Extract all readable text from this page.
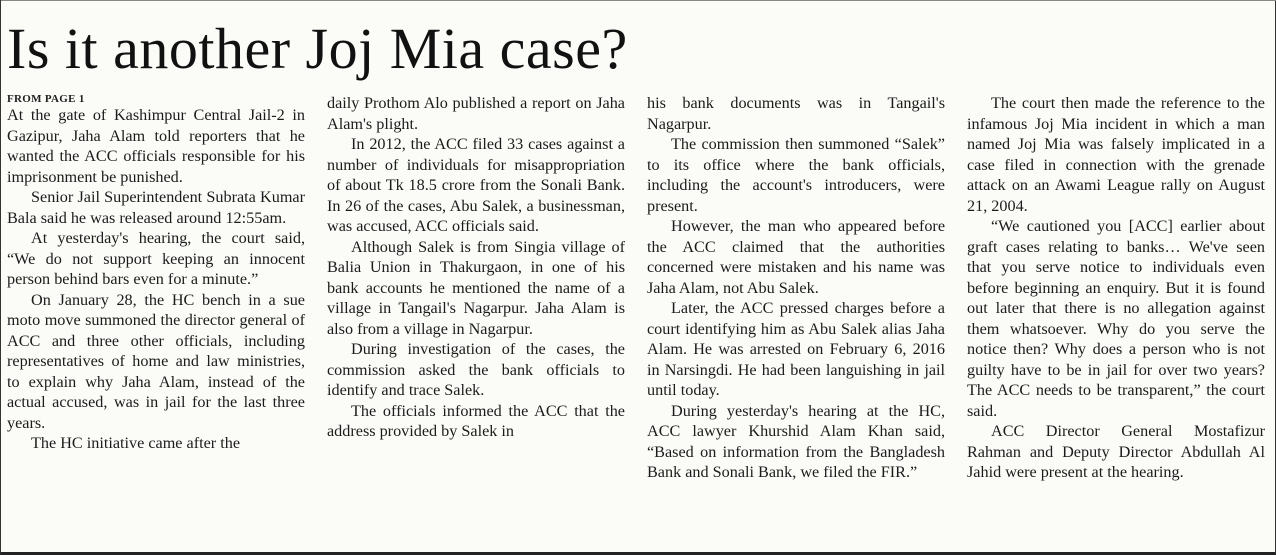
Is it another Joj Mia case?
FROM PAGE 1

At the gate of Kashimpur Central Jail-2 in Gazipur, Jaha Alam told reporters that he wanted the ACC officials responsible for his imprisonment be punished.

Senior Jail Superintendent Subrata Kumar Bala said he was released around 12:55am.

At yesterday's hearing, the court said, “We do not support keeping an innocent person behind bars even for a minute.”

On January 28, the HC bench in a sue moto move summoned the director general of ACC and three other officials, including representatives of home and law ministries, to explain why Jaha Alam, instead of the actual accused, was in jail for the last three years.

The HC initiative came after the

daily Prothom Alo published a report on Jaha Alam's plight.

In 2012, the ACC filed 33 cases against a number of individuals for misappropriation of about Tk 18.5 crore from the Sonali Bank. In 26 of the cases, Abu Salek, a businessman, was accused, ACC officials said.

Although Salek is from Singia village of Balia Union in Thakurgaon, in one of his bank accounts he mentioned the name of a village in Tangail's Nagarpur. Jaha Alam is also from a village in Nagarpur.

During investigation of the cases, the commission asked the bank officials to identify and trace Salek.

The officials informed the ACC that the address provided by Salek in

his bank documents was in Tangail's Nagarpur.

The commission then summoned “Salek” to its office where the bank officials, including the account's introducers, were present.

However, the man who appeared before the ACC claimed that the authorities concerned were mistaken and his name was Jaha Alam, not Abu Salek.

Later, the ACC pressed charges before a court identifying him as Abu Salek alias Jaha Alam. He was arrested on February 6, 2016 in Narsingdi. He had been languishing in jail until today.

During yesterday's hearing at the HC, ACC lawyer Khurshid Alam Khan said, “Based on information from the Bangladesh Bank and Sonali Bank, we filed the FIR.”

The court then made the reference to the infamous Joj Mia incident in which a man named Joj Mia was falsely implicated in a case filed in connection with the grenade attack on an Awami League rally on August 21, 2004.

“We cautioned you [ACC] earlier about graft cases relating to banks… We've seen that you serve notice to individuals even before beginning an enquiry. But it is found out later that there is no allegation against them whatsoever. Why do you serve the notice then? Why does a person who is not guilty have to be in jail for over two years? The ACC needs to be transparent,” the court said.

ACC Director General Mostafizur Rahman and Deputy Director Abdullah Al Jahid were present at the hearing.
